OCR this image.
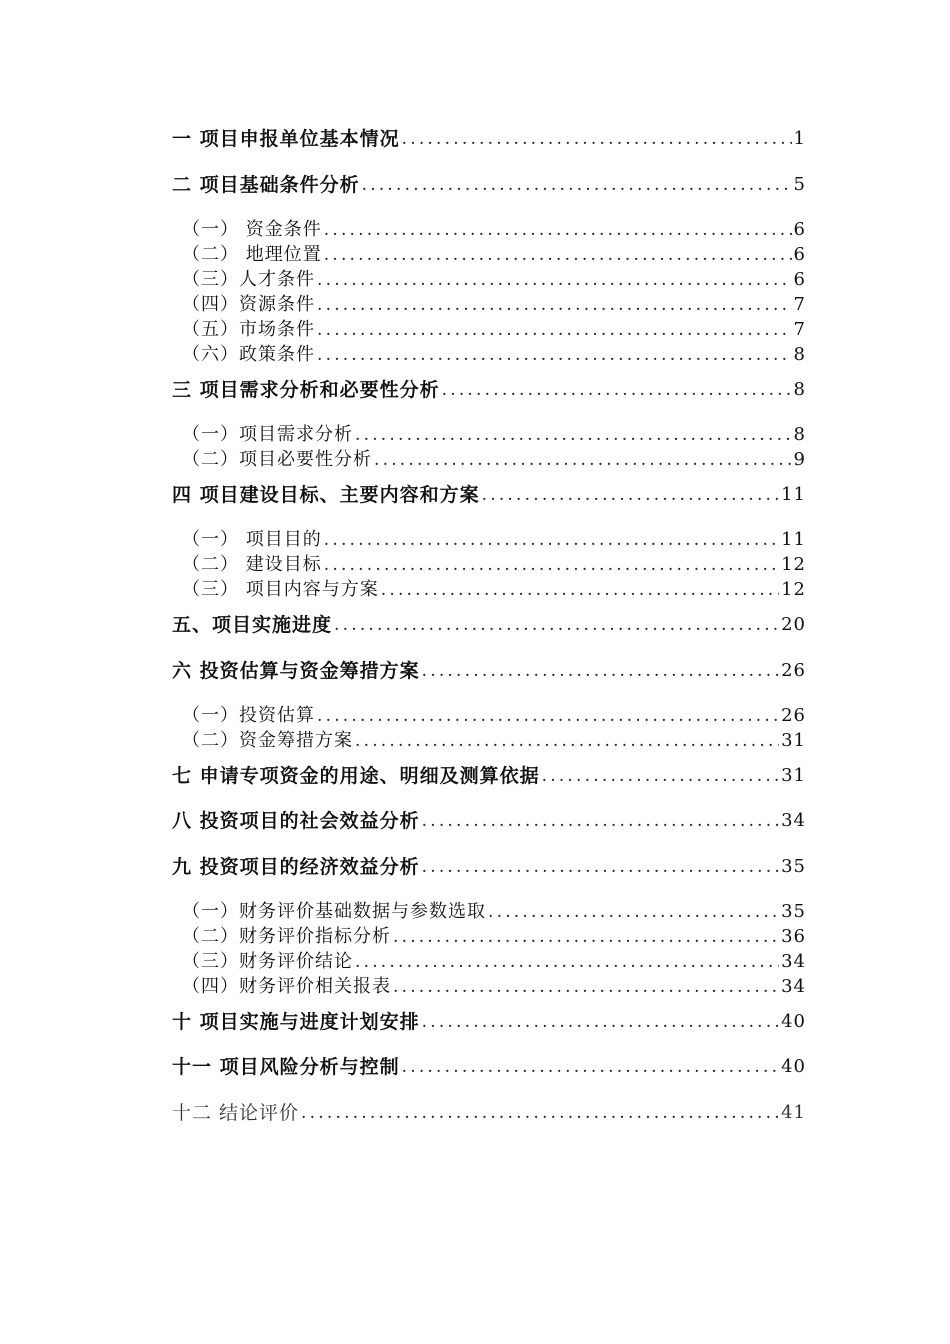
一 项目申报单位基本情况 .....	1
二 项目基础条件分析 .....	5
（一） 资金条件 .....	6
（二） 地理位置 .....	6
（三）人才条件 .....	6
（四）资源条件 .....	7
（五）市场条件 .....	7
（六）政策条件 .....	8
三 项目需求分析和必要性分析 .....	8
（一）项目需求分析 .....	8
（二）项目必要性分析 .....	9
四 项目建设目标、主要内容和方案 .....	11
（一） 项目目的 .....	11
（二） 建设目标 .....	12
（三） 项目内容与方案 .....	12
五、项目实施进度 .....	20
六 投资估算与资金筹措方案 .....	26
（一）投资估算 .....	26
（二）资金筹措方案 .....	31
七 申请专项资金的用途、明细及测算依据 .....	31
八 投资项目的社会效益分析 .....	34
九 投资项目的经济效益分析 .....	35
（一）财务评价基础数据与参数选取 .....	35
（二）财务评价指标分析 .....	36
（三）财务评价结论 .....	34
（四）财务评价相关报表 .....	34
十 项目实施与进度计划安排 .....	40
十一 项目风险分析与控制 .....	40
十二 结论评价 .....	41
